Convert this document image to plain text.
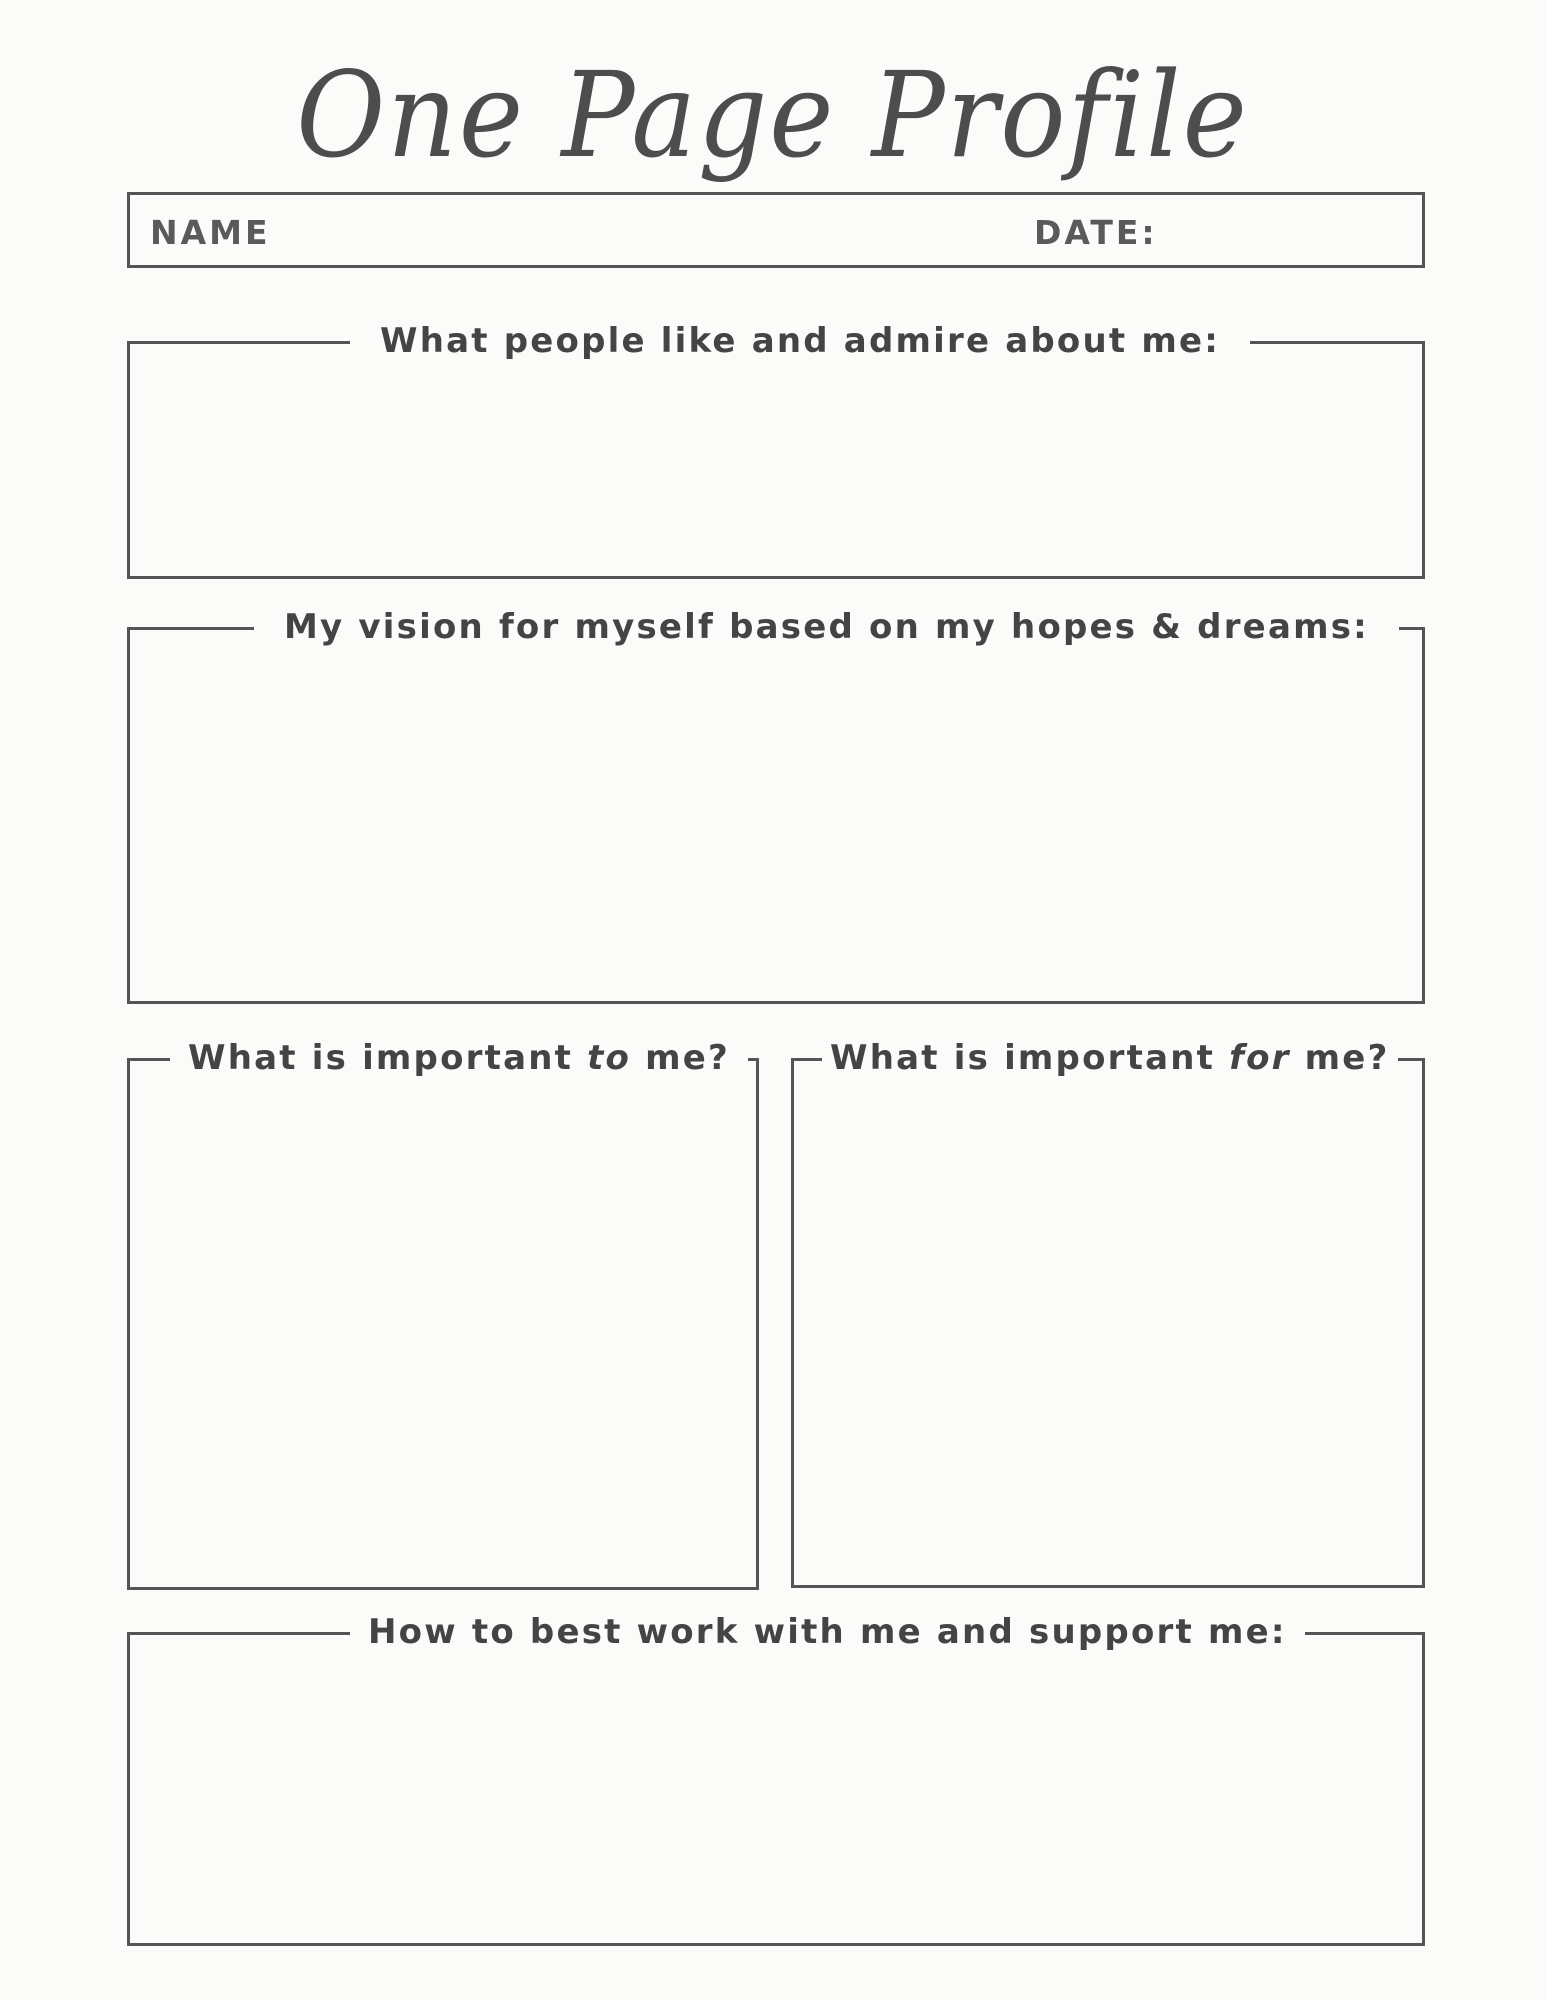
One Page Profile
NAME	DATE:
What people like and admire about me:
My vision for myself based on my hopes & dreams:
What is important to me?	What is important for me?
How to best work with me and support me:
